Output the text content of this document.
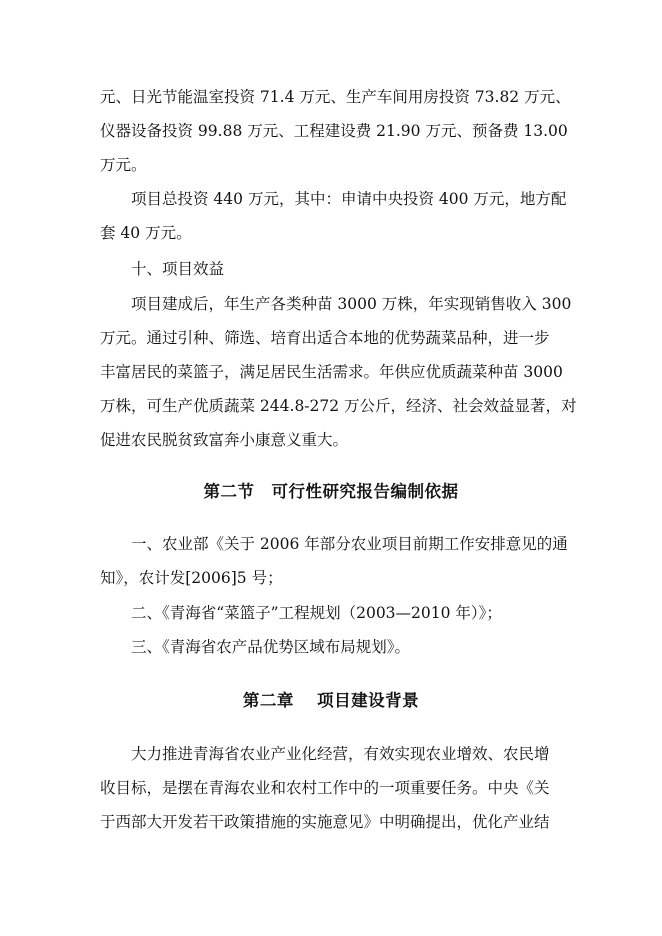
元、日光节能温室投资 71.4 万元、生产车间用房投资 73.82 万元、

仪器设备投资 99.88 万元、工程建设费 21.90 万元、预备费 13.00

万元。

　　项目总投资 440 万元，其中：申请中央投资 400 万元，地方配

套 40 万元。

　　十、项目效益

　　项目建成后，年生产各类种苗 3000 万株，年实现销售收入 300

万元。通过引种、筛选、培育出适合本地的优势蔬菜品种，进一步

丰富居民的菜篮子，满足居民生活需求。年供应优质蔬菜种苗 3000

万株，可生产优质蔬菜 244.8-272 万公斤，经济、社会效益显著，对

促进农民脱贫致富奔小康意义重大。

第二节　可行性研究报告编制依据

　　一、农业部《关于 2006 年部分农业项目前期工作安排意见的通

知》，农计发[2006]5 号；

　　二、《青海省“菜篮子”工程规划（2003—2010 年）》；

　　三、《青海省农产品优势区域布局规划》。

第二章　 项目建设背景

　　大力推进青海省农业产业化经营，有效实现农业增效、农民增

收目标，是摆在青海农业和农村工作中的一项重要任务。中央《关

于西部大开发若干政策措施的实施意见》中明确提出，优化产业结
